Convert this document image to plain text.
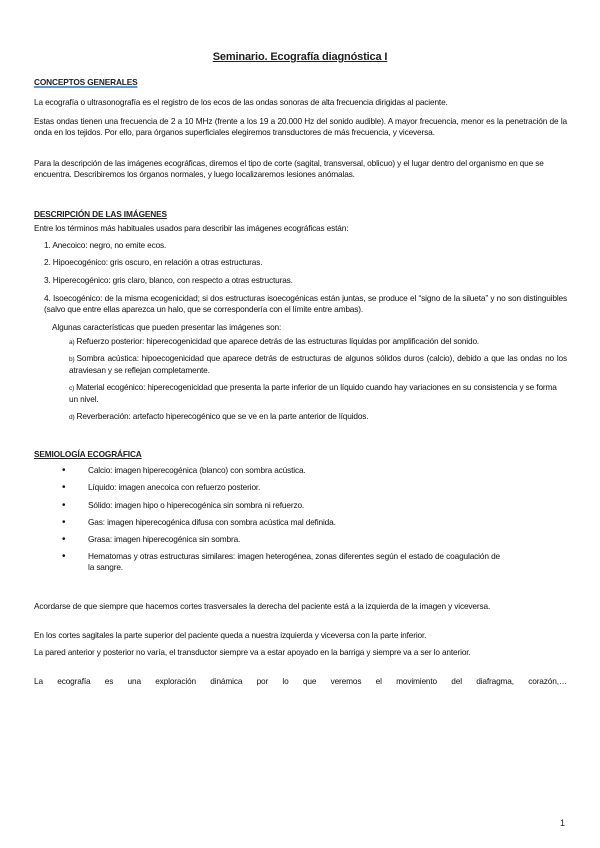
Seminario. Ecografía diagnóstica I
CONCEPTOS GENERALES
La ecografía o ultrasonografía es el registro de los ecos de las ondas sonoras de alta frecuencia dirigidas al paciente.
Estas ondas tienen una frecuencia de 2 a 10 MHz (frente a los 19 a 20.000 Hz del sonido audible). A mayor frecuencia, menor es la penetración de la onda en los tejidos. Por ello, para órganos superficiales elegiremos transductores de más frecuencia, y viceversa.
Para la descripción de las imágenes ecográficas, diremos el tipo de corte (sagital, transversal, oblicuo) y el lugar dentro del organismo en que se encuentra. Describiremos los órganos normales, y luego localizaremos lesiones anómalas.
DESCRIPCIÓN DE LAS IMÁGENES
Entre los términos más habituales usados para describir las imágenes ecográficas están:
1. Anecoico: negro, no emite ecos.
2. Hipoecogénico: gris oscuro, en relación a otras estructuras.
3. Hiperecogénico: gris claro, blanco, con respecto a otras estructuras.
4. Isoecogénico: de la misma ecogenicidad; si dos estructuras isoecogénicas están juntas, se produce el “signo de la silueta” y no son distinguibles (salvo que entre ellas aparezca un halo, que se correspondería con el límite entre ambas).
Algunas características que pueden presentar las imágenes son:
a) Refuerzo posterior: hiperecogenicidad que aparece detrás de las estructuras líquidas por amplificación del sonido.
b) Sombra acústica: hipoecogenicidad que aparece detrás de estructuras de algunos sólidos duros (calcio), debido a que las ondas no los atraviesan y se reflejan completamente.
c) Material ecogénico: hiperecogenicidad que presenta la parte inferior de un líquido cuando hay variaciones en su consistencia y se forma un nivel.
d) Reverberación: artefacto hiperecogénico que se ve en la parte anterior de líquidos.
SEMIOLOGÍA ECOGRÁFICA
•	Calcio: imagen hiperecogénica (blanco) con sombra acústica.
•	Líquido: imagen anecoica con refuerzo posterior.
•	Sólido: imagen hipo o hiperecogénica sin sombra ni refuerzo.
•	Gas: imagen hiperecogénica difusa con sombra acústica mal definida.
•	Grasa: imagen hiperecogénica sin sombra.
•	Hematomas y otras estructuras similares: imagen heterogénea, zonas diferentes según el estado de coagulación de la sangre.
Acordarse de que siempre que hacemos cortes trasversales la derecha del paciente está a la izquierda de la imagen y viceversa.
En los cortes sagitales la parte superior del paciente queda a nuestra izquierda y viceversa con la parte inferior.
La pared anterior y posterior no varía, el transductor siempre va a estar apoyado en la barriga y siempre va a ser lo anterior.
La ecografía es una exploración dinámica por lo que veremos el movimiento del diafragma, corazón,…
1
